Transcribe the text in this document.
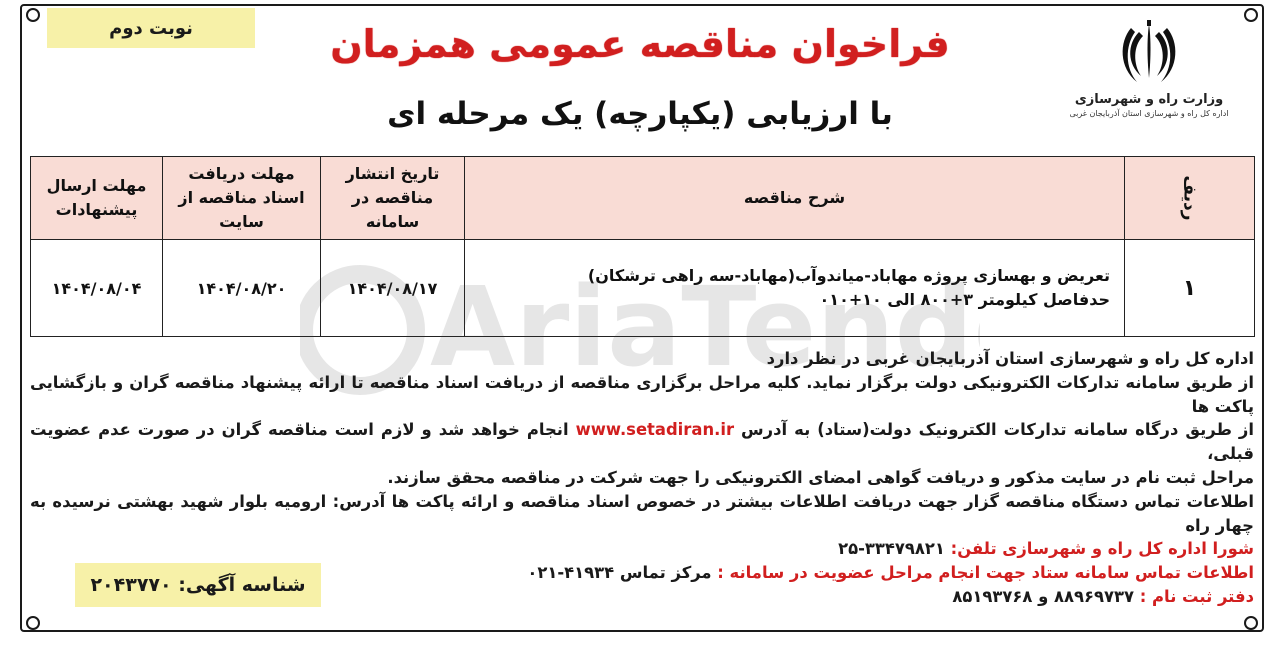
نوبت دوم	فراخوان مناقصه عمومی همزمان
با ارزیابی (یکپارچه) یک مرحله ای	وزارت راه و شهرسازی
اداره کل راه و شهرسازی استان آذربایجان غربی
ردیف	شرح مناقصه	تاریخ انتشار مناقصه در سامانه	مهلت دریافت اسناد مناقصه از سایت	مهلت ارسال پیشنهادات
۱	تعریض و بهسازی پروژه مهاباد-میاندوآب(مهاباد-سه راهی ترشکان)
حدفاصل کیلومتر ۳+۸۰۰ الی ۱۰+۰۱۰	۱۴۰۴/۰۸/۱۷	۱۴۰۴/۰۸/۲۰	۱۴۰۴/۰۸/۰۴

اداره کل راه و شهرسازی استان آذربایجان غربی در نظر دارد

از طریق سامانه تدارکات الکترونیکی دولت برگزار نماید. کلیه مراحل برگزاری مناقصه از دریافت اسناد مناقصه تا ارائه پیشنهاد مناقصه گران و بازگشایی پاکت ها

از طریق درگاه سامانه تدارکات الکترونیک دولت(ستاد) به آدرس www.setadiran.ir انجام خواهد شد و لازم است مناقصه گران در صورت عدم عضویت قبلی،

مراحل ثبت نام در سایت مذکور و دریافت گواهی امضای الکترونیکی را جهت شرکت در مناقصه محقق سازند.

اطلاعات تماس دستگاه مناقصه گزار جهت دریافت اطلاعات بیشتر در خصوص اسناد مناقصه و ارائه پاکت ها آدرس: ارومیه بلوار شهید بهشتی نرسیده به چهار راه

شورا اداره کل راه و شهرسازی تلفن: ۳۳۴۷۹۸۲۱-۲۵

اطلاعات تماس سامانه ستاد جهت انجام مراحل عضویت در سامانه : مرکز تماس ۴۱۹۳۴-۰۲۱

دفتر ثبت نام : ۸۸۹۶۹۷۳۷ و ۸۵۱۹۳۷۶۸

شناسه آگهی: ۲۰۴۳۷۷۰
